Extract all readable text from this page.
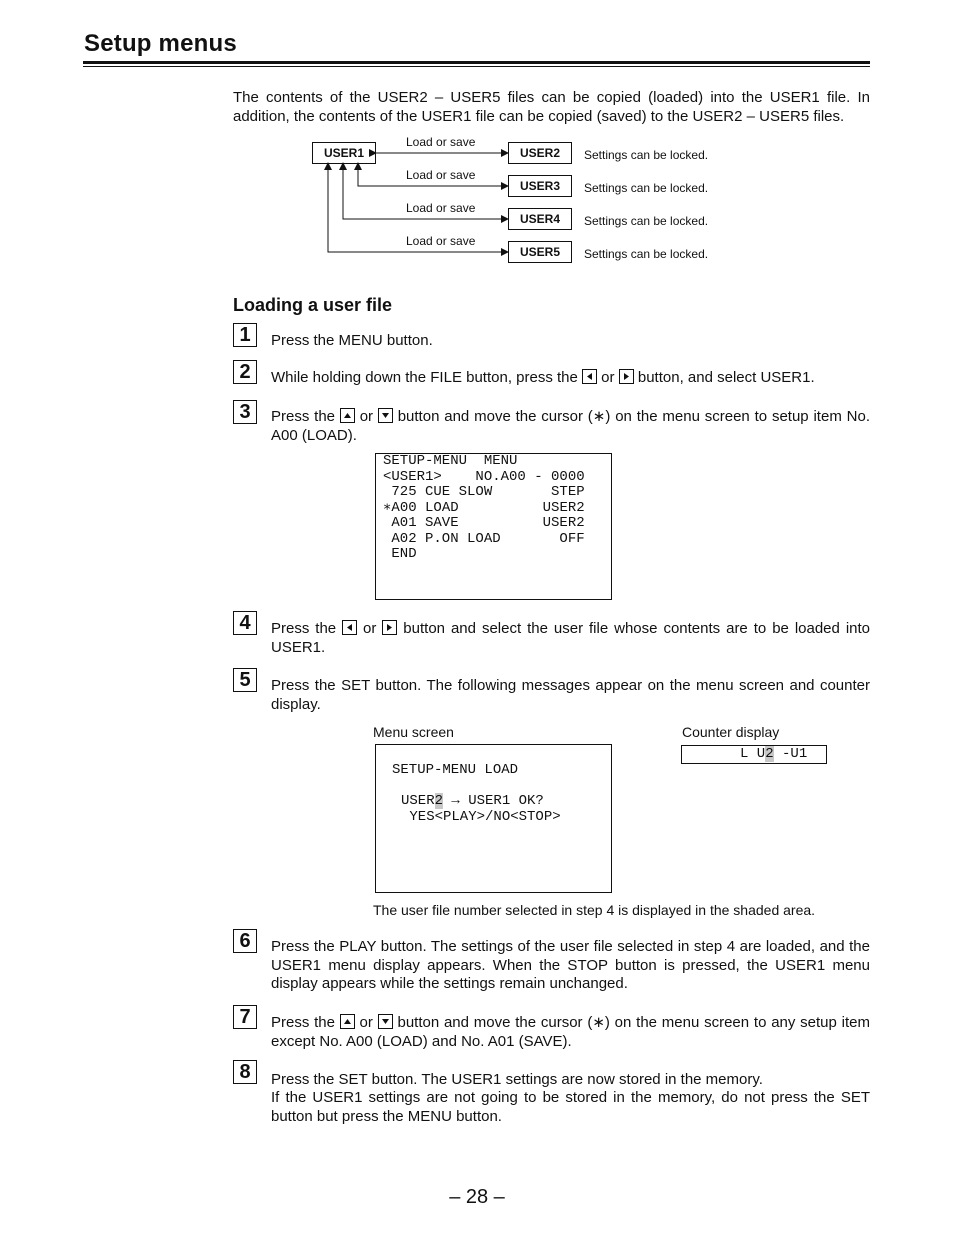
Setup menus
The contents of the USER2 – USER5 files can be copied (loaded) into the USER1 file. In addition, the contents of the USER1 file can be copied (saved) to the USER2 – USER5 files.
USER1
Load or save
USER2	Settings can be locked.
Load or save
USER3	Settings can be locked.
Load or save
USER4	Settings can be locked.
Load or save
USER5	Settings can be locked.
Loading a user file
1	Press the MENU button.
2	While holding down the FILE button, press the
or
button, and select USER1.
3	Press the
or
button and move the cursor (∗) on the menu screen to setup item No. A00 (LOAD).
SETUP-MENU  MENU
<USER1>    NO.A00 - 0000
725 CUE SLOW       STEP
∗A00 LOAD          USER2
A01 SAVE          USER2
A02 P.ON LOAD       OFF
END
4	Press the
or
button and select the user file whose contents are to be loaded into USER1.
5	Press the SET button. The following messages appear on the menu screen and counter display.
Menu screen	Counter display

SETUP-MENU LOAD

USER2 → USER1 OK?

YES<PLAY>/NO<STOP>

L U2 -U1

The user file number selected in step 4 is displayed in the shaded area.
6	Press the PLAY button. The settings of the user file selected in step 4 are loaded, and the USER1 menu display appears. When the STOP button is pressed, the USER1 menu display appears while the settings remain unchanged.
7	Press the
or
button and move the cursor (∗) on the menu screen to any setup item except No. A00 (LOAD) and No. A01 (SAVE).
8	Press the SET button. The USER1 settings are now stored in the memory.
If the USER1 settings are not going to be stored in the memory, do not press the SET button but press the MENU button.
– 28 –
